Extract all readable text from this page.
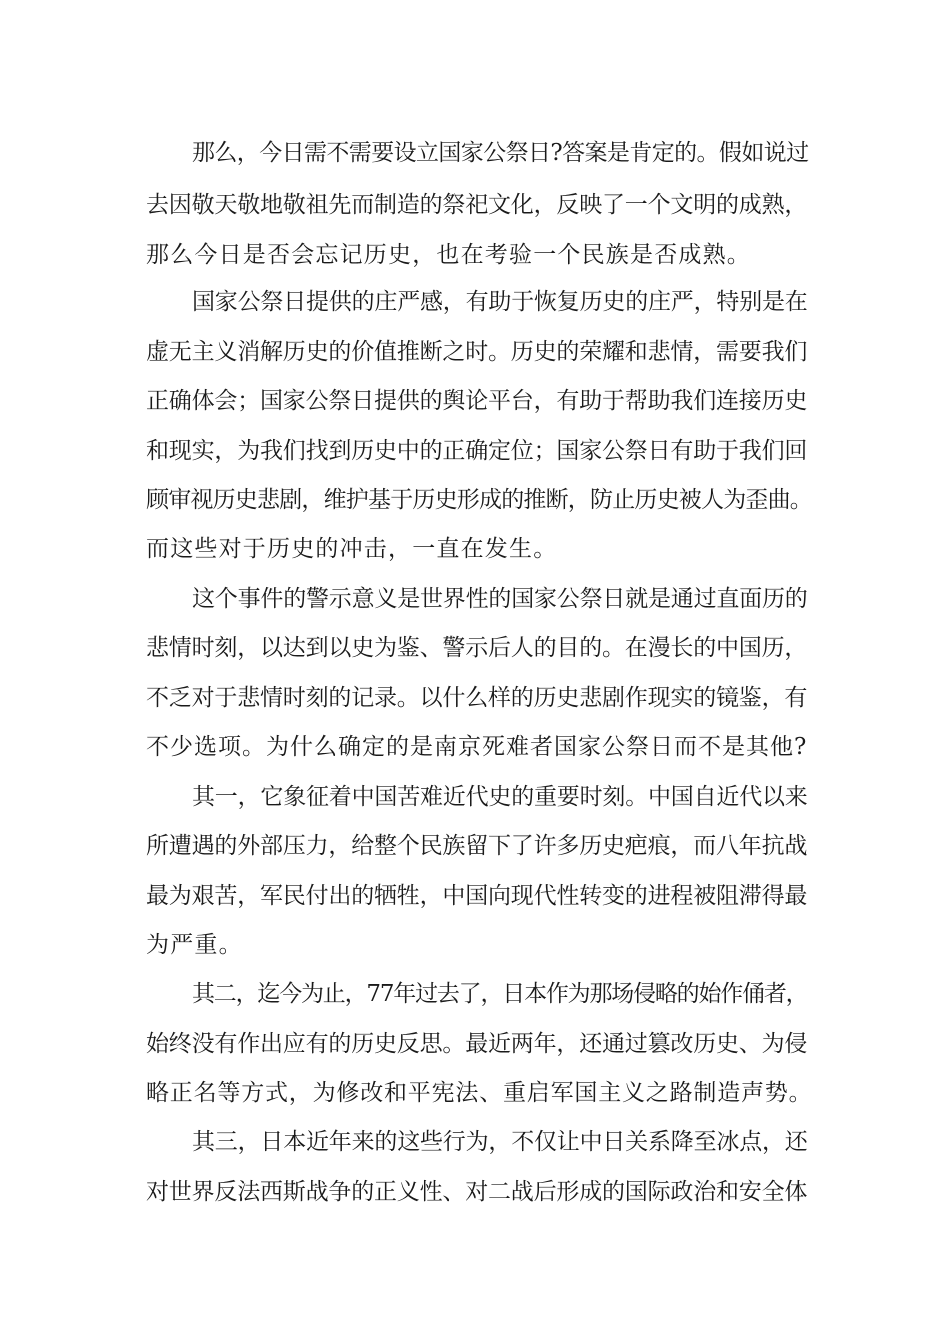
那么，今日需不需要设立国家公祭日?答案是肯定的。假如说过

去因敬天敬地敬祖先而制造的祭祀文化，反映了一个文明的成熟，

那么今日是否会忘记历史，也在考验一个民族是否成熟。

国家公祭日提供的庄严感，有助于恢复历史的庄严，特别是在

虚无主义消解历史的价值推断之时。历史的荣耀和悲情，需要我们

正确体会；国家公祭日提供的舆论平台，有助于帮助我们连接历史

和现实，为我们找到历史中的正确定位；国家公祭日有助于我们回

顾审视历史悲剧，维护基于历史形成的推断，防止历史被人为歪曲。

而这些对于历史的冲击，一直在发生。

这个事件的警示意义是世界性的国家公祭日就是通过直面历的

悲情时刻，以达到以史为鉴、警示后人的目的。在漫长的中国历，

不乏对于悲情时刻的记录。以什么样的历史悲剧作现实的镜鉴，有

不少选项。为什么确定的是南京死难者国家公祭日而不是其他?

其一，它象征着中国苦难近代史的重要时刻。中国自近代以来

所遭遇的外部压力，给整个民族留下了许多历史疤痕，而八年抗战

最为艰苦，军民付出的牺牲，中国向现代性转变的进程被阻滞得最

为严重。

其二，迄今为止，77年过去了，日本作为那场侵略的始作俑者，

始终没有作出应有的历史反思。最近两年，还通过篡改历史、为侵

略正名等方式，为修改和平宪法、重启军国主义之路制造声势。

其三，日本近年来的这些行为，不仅让中日关系降至冰点，还

对世界反法西斯战争的正义性、对二战后形成的国际政治和安全体
